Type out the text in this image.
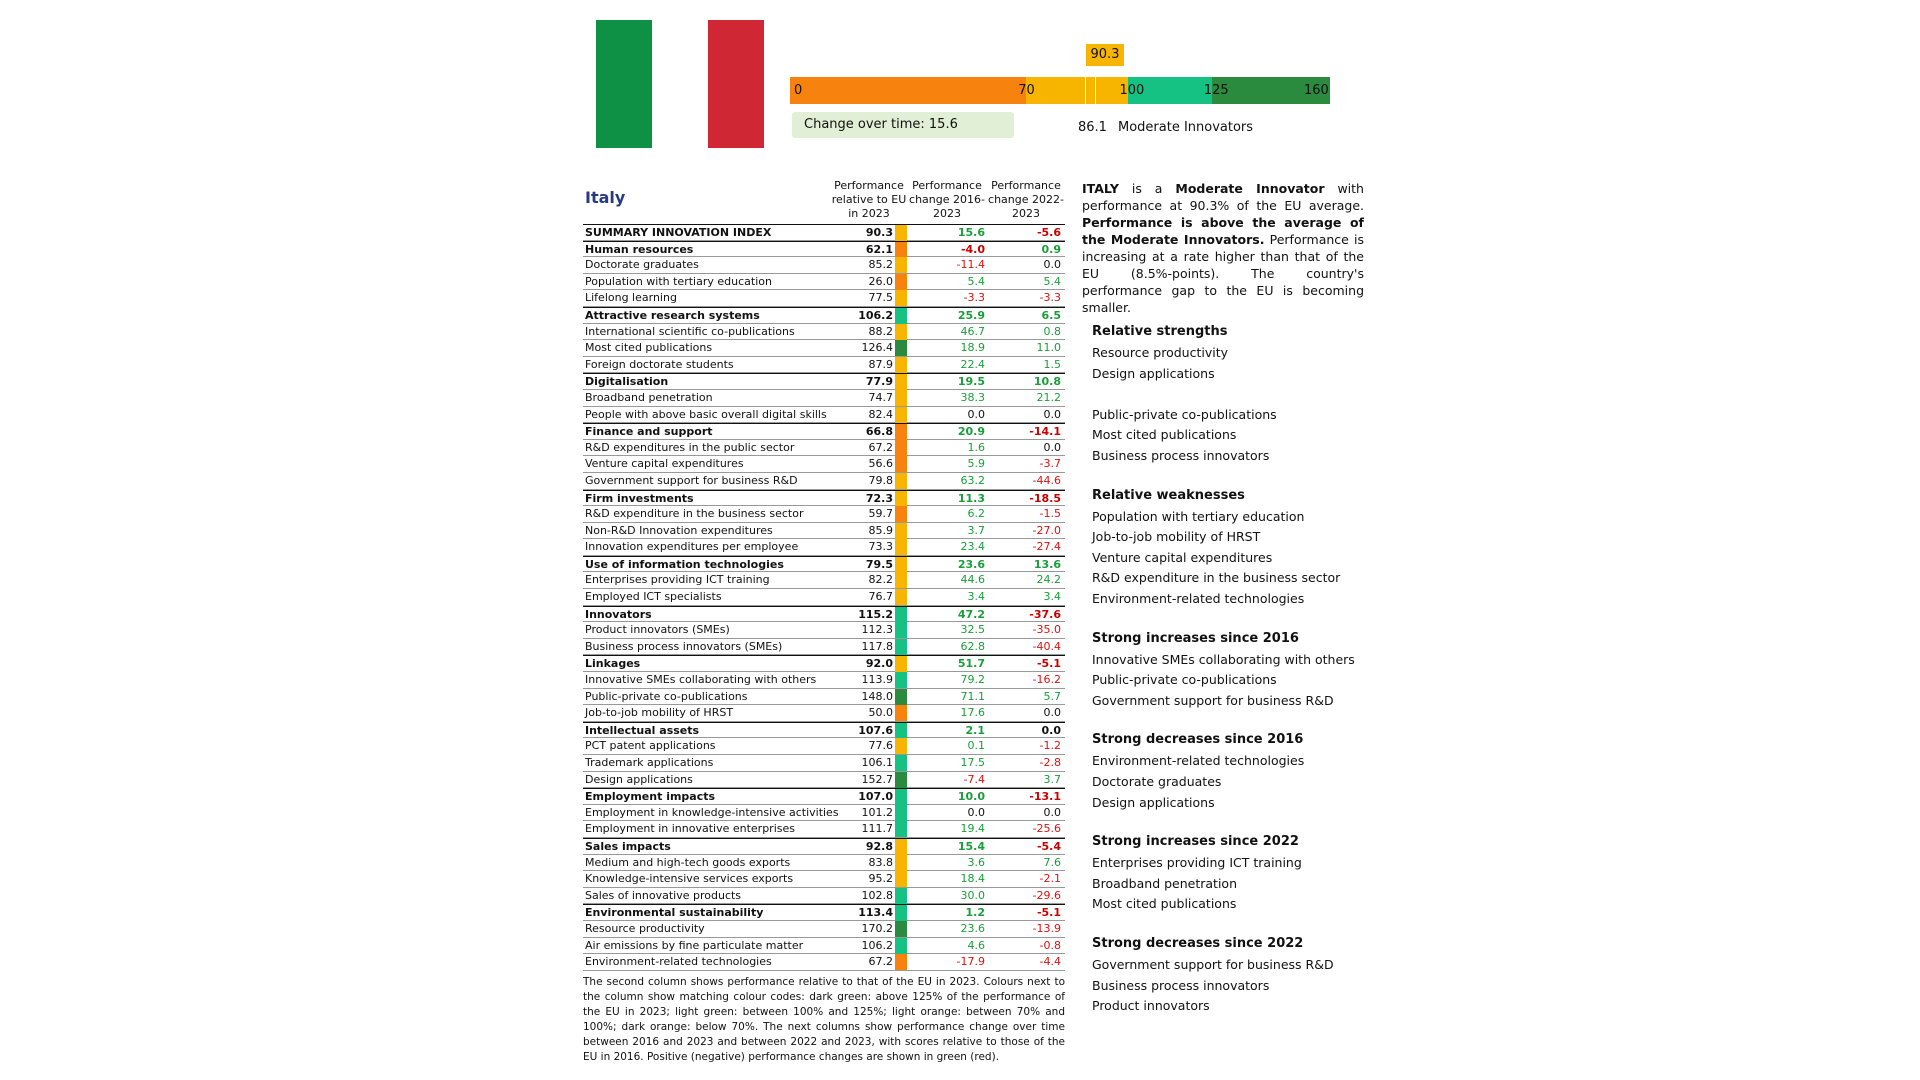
90.3
0	70	100	125	160
Change over time: 15.6	86.1 Moderate Innovators
Italy
Performance relative to EU in 2023
Performance change 2016-2023
Performance change 2022-2023
SUMMARY INNOVATION INDEX	90.3	15.6	-5.6
Human resources	62.1	-4.0	0.9
Doctorate graduates	85.2	-11.4	0.0
Population with tertiary education	26.0	5.4	5.4
Lifelong learning	77.5	-3.3	-3.3
Attractive research systems	106.2	25.9	6.5
International scientific co-publications	88.2	46.7	0.8
Most cited publications	126.4	18.9	11.0
Foreign doctorate students	87.9	22.4	1.5
Digitalisation	77.9	19.5	10.8
Broadband penetration	74.7	38.3	21.2
People with above basic overall digital skills	82.4	0.0	0.0
Finance and support	66.8	20.9	-14.1
R&D expenditures in the public sector	67.2	1.6	0.0
Venture capital expenditures	56.6	5.9	-3.7
Government support for business R&D	79.8	63.2	-44.6
Firm investments	72.3	11.3	-18.5
R&D expenditure in the business sector	59.7	6.2	-1.5
Non-R&D Innovation expenditures	85.9	3.7	-27.0
Innovation expenditures per employee	73.3	23.4	-27.4
Use of information technologies	79.5	23.6	13.6
Enterprises providing ICT training	82.2	44.6	24.2
Employed ICT specialists	76.7	3.4	3.4
Innovators	115.2	47.2	-37.6
Product innovators (SMEs)	112.3	32.5	-35.0
Business process innovators (SMEs)	117.8	62.8	-40.4
Linkages	92.0	51.7	-5.1
Innovative SMEs collaborating with others	113.9	79.2	-16.2
Public-private co-publications	148.0	71.1	5.7
Job-to-job mobility of HRST	50.0	17.6	0.0
Intellectual assets	107.6	2.1	0.0
PCT patent applications	77.6	0.1	-1.2
Trademark applications	106.1	17.5	-2.8
Design applications	152.7	-7.4	3.7
Employment impacts	107.0	10.0	-13.1
Employment in knowledge-intensive activities 101.2	0.0	0.0
Employment in innovative enterprises	111.7	19.4	-25.6
Sales impacts	92.8	15.4	-5.4
Medium and high-tech goods exports	83.8	3.6	7.6
Knowledge-intensive services exports	95.2	18.4	-2.1
Sales of innovative products	102.8	30.0	-29.6
Environmental sustainability	113.4	1.2	-5.1
Resource productivity	170.2	23.6	-13.9
Air emissions by fine particulate matter	106.2	4.6	-0.8
Environment-related technologies	67.2	-17.9	-4.4
The second column shows performance relative to that of the EU in 2023. Colours next to the column show matching colour codes: dark green: above 125% of the performance of the EU in 2023; light green: between 100% and 125%; light orange: between 70% and 100%; dark orange: below 70%. The next columns show performance change over time between 2016 and 2023 and between 2022 and 2023, with scores relative to those of the EU in 2016. Positive (negative) performance changes are shown in green (red).
ITALY is a Moderate Innovator with performance at 90.3% of the EU average. Performance is above the average of the Moderate Innovators. Performance is increasing at a rate higher than that of the EU (8.5%-points). The country's performance gap to the EU is becoming smaller.
Relative strengths
Resource productivity
Design applications
Public-private co-publications
Most cited publications
Business process innovators
Relative weaknesses
Population with tertiary education
Job-to-job mobility of HRST
Venture capital expenditures
R&D expenditure in the business sector
Environment-related technologies
Strong increases since 2016
Innovative SMEs collaborating with others
Public-private co-publications
Government support for business R&D
Strong decreases since 2016
Environment-related technologies
Doctorate graduates
Design applications
Strong increases since 2022
Enterprises providing ICT training
Broadband penetration
Most cited publications
Strong decreases since 2022
Government support for business R&D
Business process innovators
Product innovators
